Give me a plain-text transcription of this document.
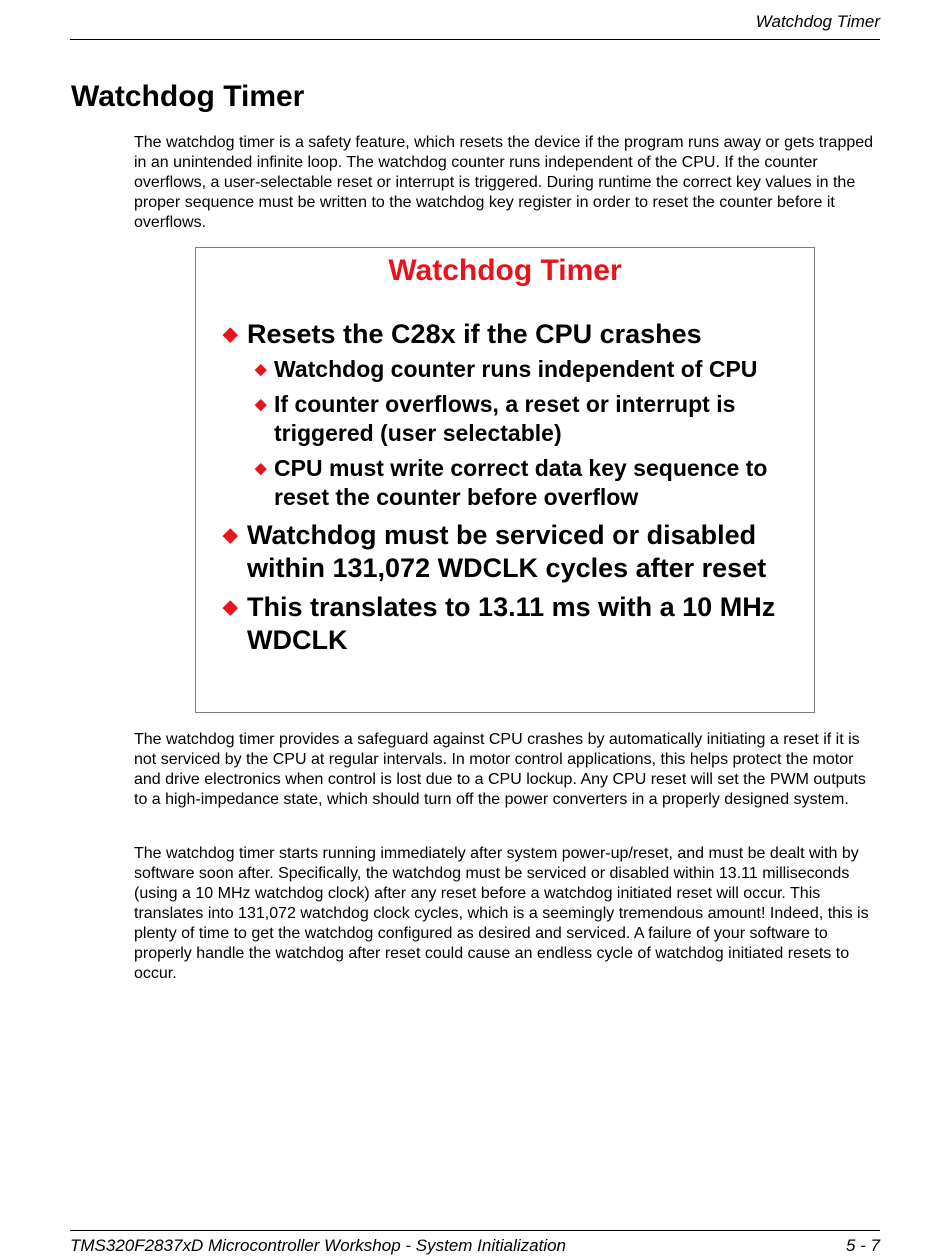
Watchdog Timer
Watchdog Timer

The watchdog timer is a safety feature, which resets the device if the program runs away or gets trapped in an unintended infinite loop. The watchdog counter runs independent of the CPU. If the counter overflows, a user-selectable reset or interrupt is triggered. During runtime the correct key values in the proper sequence must be written to the watchdog key register in order to reset the counter before it overflows.

Watchdog Timer
◆ Resets the C28x if the CPU crashes
◆ Watchdog counter runs independent of CPU
◆ If counter overflows, a reset or interrupt is triggered (user selectable)
◆ CPU must write correct data key sequence to reset the counter before overflow
◆ Watchdog must be serviced or disabled within 131,072 WDCLK cycles after reset
◆ This translates to 13.11 ms with a 10 MHz WDCLK

The watchdog timer provides a safeguard against CPU crashes by automatically initiating a reset if it is not serviced by the CPU at regular intervals. In motor control applications, this helps protect the motor and drive electronics when control is lost due to a CPU lockup. Any CPU reset will set the PWM outputs to a high-impedance state, which should turn off the power converters in a properly designed system.

The watchdog timer starts running immediately after system power-up/reset, and must be dealt with by software soon after. Specifically, the watchdog must be serviced or disabled within 13.11 milliseconds (using a 10 MHz watchdog clock) after any reset before a watchdog initiated reset will occur. This translates into 131,072 watchdog clock cycles, which is a seemingly tremendous amount! Indeed, this is plenty of time to get the watchdog configured as desired and serviced. A failure of your software to properly handle the watchdog after reset could cause an endless cycle of watchdog initiated resets to occur.

TMS320F2837xD Microcontroller Workshop - System Initialization	5 - 7
